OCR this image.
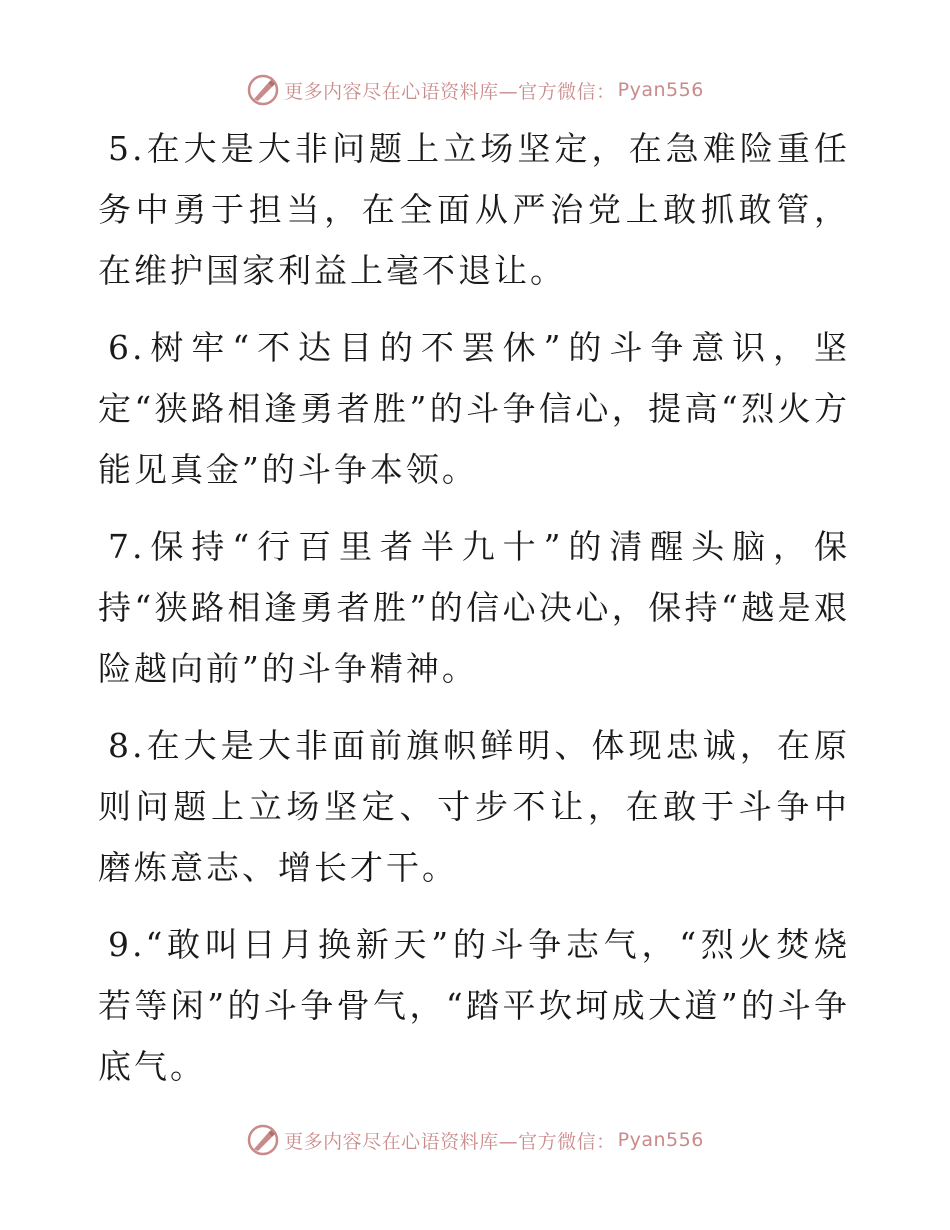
更多内容尽在心语资料库—官方微信： Pyan556

5.在大是大非问题上立场坚定，在急难险重任务中勇于担当，在全面从严治党上敢抓敢管，在维护国家利益上毫不退让。

6.树牢“不达目的不罢休”的斗争意识，坚定“狭路相逢勇者胜”的斗争信心，提高“烈火方能见真金”的斗争本领。

7.保持“行百里者半九十”的清醒头脑，保持“狭路相逢勇者胜”的信心决心，保持“越是艰险越向前”的斗争精神。

8.在大是大非面前旗帜鲜明、体现忠诚，在原则问题上立场坚定、寸步不让，在敢于斗争中磨炼意志、增长才干。

9.“敢叫日月换新天”的斗争志气，“烈火焚烧若等闲”的斗争骨气，“踏平坎坷成大道”的斗争底气。

更多内容尽在心语资料库—官方微信： Pyan556
